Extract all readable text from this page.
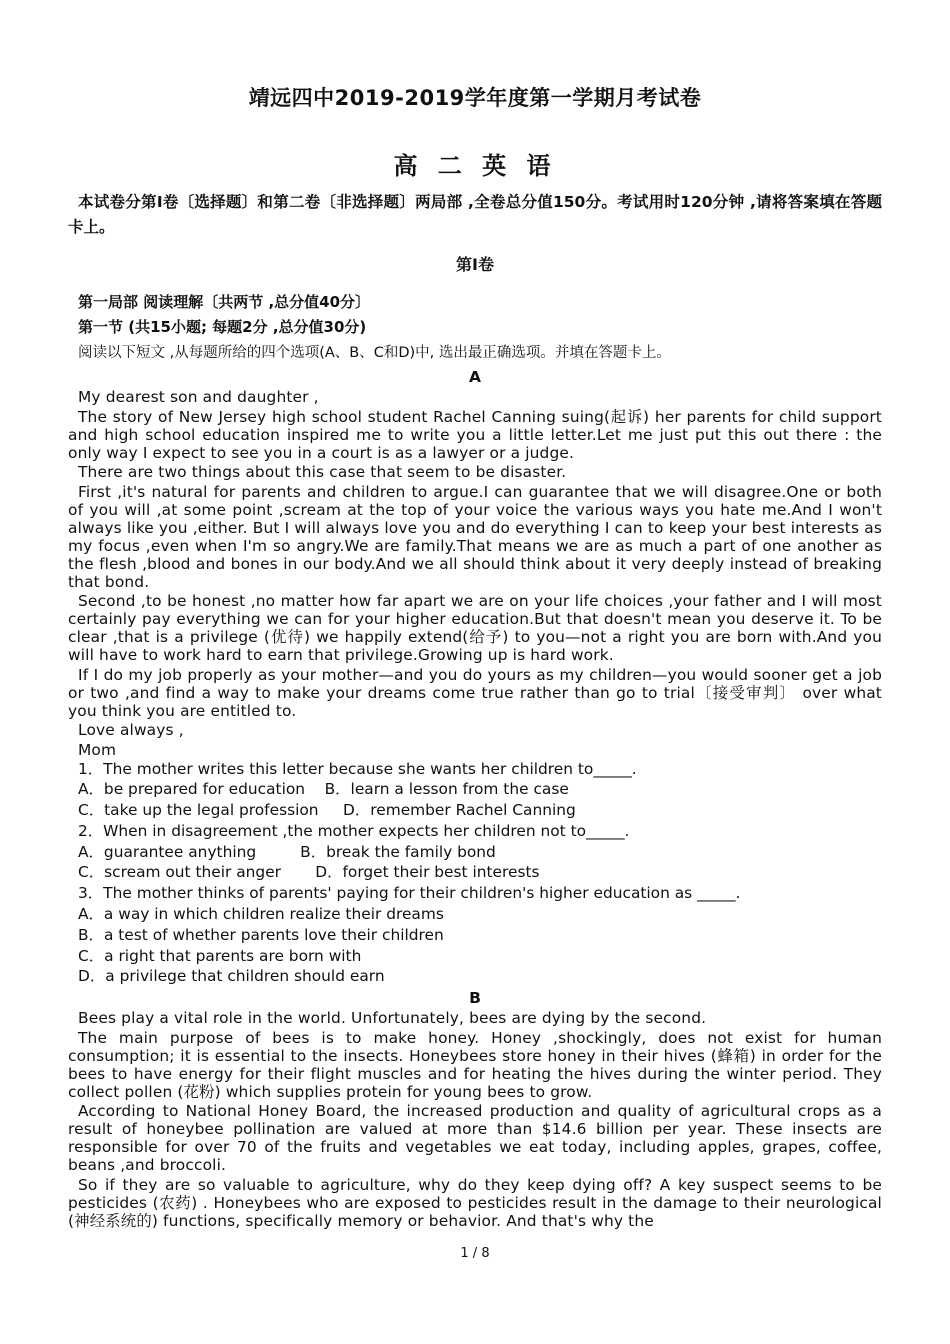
靖远四中2019-2019学年度第一学期月考试卷
高 二 英 语
本试卷分第Ⅰ卷〔选择题〕和第二卷〔非选择题〕两局部 ,全卷总分值150分。考试用时120分钟 ,请将答案填在答题卡上。
第Ⅰ卷
第一局部 阅读理解〔共两节 ,总分值40分〕
第一节 (共15小题; 每题2分 ,总分值30分)
阅读以下短文 ,从每题所给的四个选项(A、B、C和D)中, 选出最正确选项。并填在答题卡上。

A

My dearest son and daughter ,

The story of New Jersey high school student Rachel Canning suing(起诉) her parents for child support and high school education inspired me to write you a little letter.Let me just put this out there : the only way I expect to see you in a court is as a lawyer or a judge.

There are two things about this case that seem to be disaster.

First ,it's natural for parents and children to argue.I can guarantee that we will disagree.One or both of you will ,at some point ,scream at the top of your voice the various ways you hate me.And I won't always like you ,either. But I will always love you and do everything I can to keep your best interests as my focus ,even when I'm so angry.We are family.That means we are as much a part of one another as the flesh ,blood and bones in our body.And we all should think about it very deeply instead of breaking that bond.

Second ,to be honest ,no matter how far apart we are on your life choices ,your father and I will most certainly pay everything we can for your higher education.But that doesn't mean you deserve it. To be clear ,that is a privilege (优待) we happily extend(给予) to you—not a right you are born with.And you will have to work hard to earn that privilege.Growing up is hard work.

If I do my job properly as your mother—and you do yours as my children—you would sooner get a job or two ,and find a way to make your dreams come true rather than go to trial〔接受审判〕 over what you think you are entitled to.

Love always ,

Mom

1．The mother writes this letter because she wants her children to_____.

A．be prepared for education    B．learn a lesson from the case

C．take up the legal profession     D．remember Rachel Canning

2．When in disagreement ,the mother expects her children not to_____.

A．guarantee anything         B．break the family bond

C．scream out their anger       D．forget their best interests

3．The mother thinks of parents' paying for their children's higher education as _____.

A．a way in which children realize their dreams

B．a test of whether parents love their children

C．a right that parents are born with

D．a privilege that children should earn

B

Bees play a vital role in the world. Unfortunately, bees are dying by the second.

The main purpose of bees is to make honey. Honey ,shockingly, does not exist for human consumption; it is essential to the insects. Honeybees store honey in their hives (蜂箱) in order for the bees to have energy for their flight muscles and for heating the hives during the winter period. They collect pollen (花粉) which supplies protein for young bees to grow.

According to National Honey Board, the increased production and quality of agricultural crops as a result of honeybee pollination are valued at more than $14.6 billion per year. These insects are responsible for over 70 of the fruits and vegetables we eat today, including apples, grapes, coffee, beans ,and broccoli.

So if they are so valuable to agriculture, why do they keep dying off? A key suspect seems to be pesticides (农药) . Honeybees who are exposed to pesticides result in the damage to their neurological (神经系统的) functions, specifically memory or behavior. And that's why the

1 / 8
